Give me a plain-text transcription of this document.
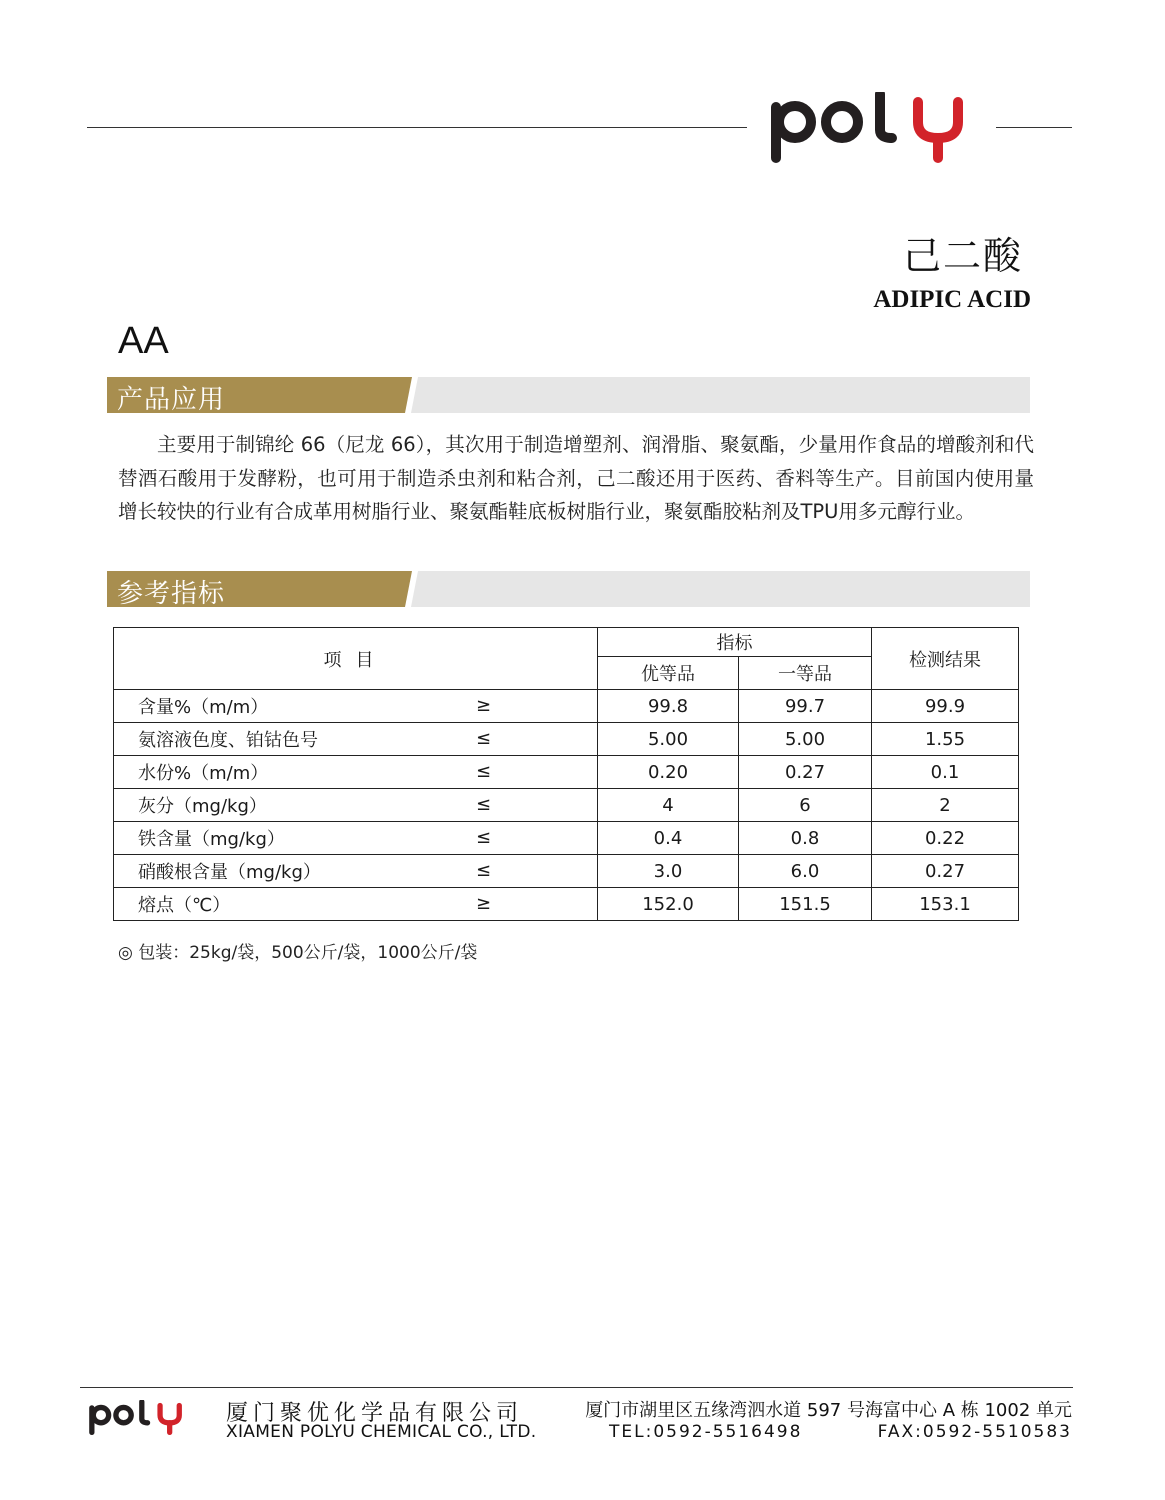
己二酸
ADIPIC ACID
AA
产品应用
主要用于制锦纶 66（尼龙 66），其次用于制造增塑剂、润滑脂、聚氨酯，少量用作食品的增酸剂和代替酒石酸用于发酵粉，也可用于制造杀虫剂和粘合剂，己二酸还用于医药、香料等生产。目前国内使用量增长较快的行业有合成革用树脂行业、聚氨酯鞋底板树脂行业，聚氨酯胶粘剂及TPU用多元醇行业。
参考指标
项目	指标		检测结果
	优等品	一等品	
含量%（m/m） ≥	99.8	99.7	99.9
氨溶液色度、铂钴色号 ≤	5.00	5.00	1.55
水份%（m/m） ≤	0.20	0.27	0.1
灰分（mg/kg） ≤	4	6	2
铁含量（mg/kg） ≤	0.4	0.8	0.22
硝酸根含量（mg/kg） ≤	3.0	6.0	0.27
熔点（℃） ≥	152.0	151.5	153.1
◎ 包装：25kg/袋，500公斤/袋，1000公斤/袋
厦门聚优化学品有限公司
XIAMEN POLYU CHEMICAL CO., LTD.
厦门市湖里区五缘湾泗水道 597 号海富中心 A 栋 1002 单元
TEL:0592-5516498	FAX:0592-5510583
